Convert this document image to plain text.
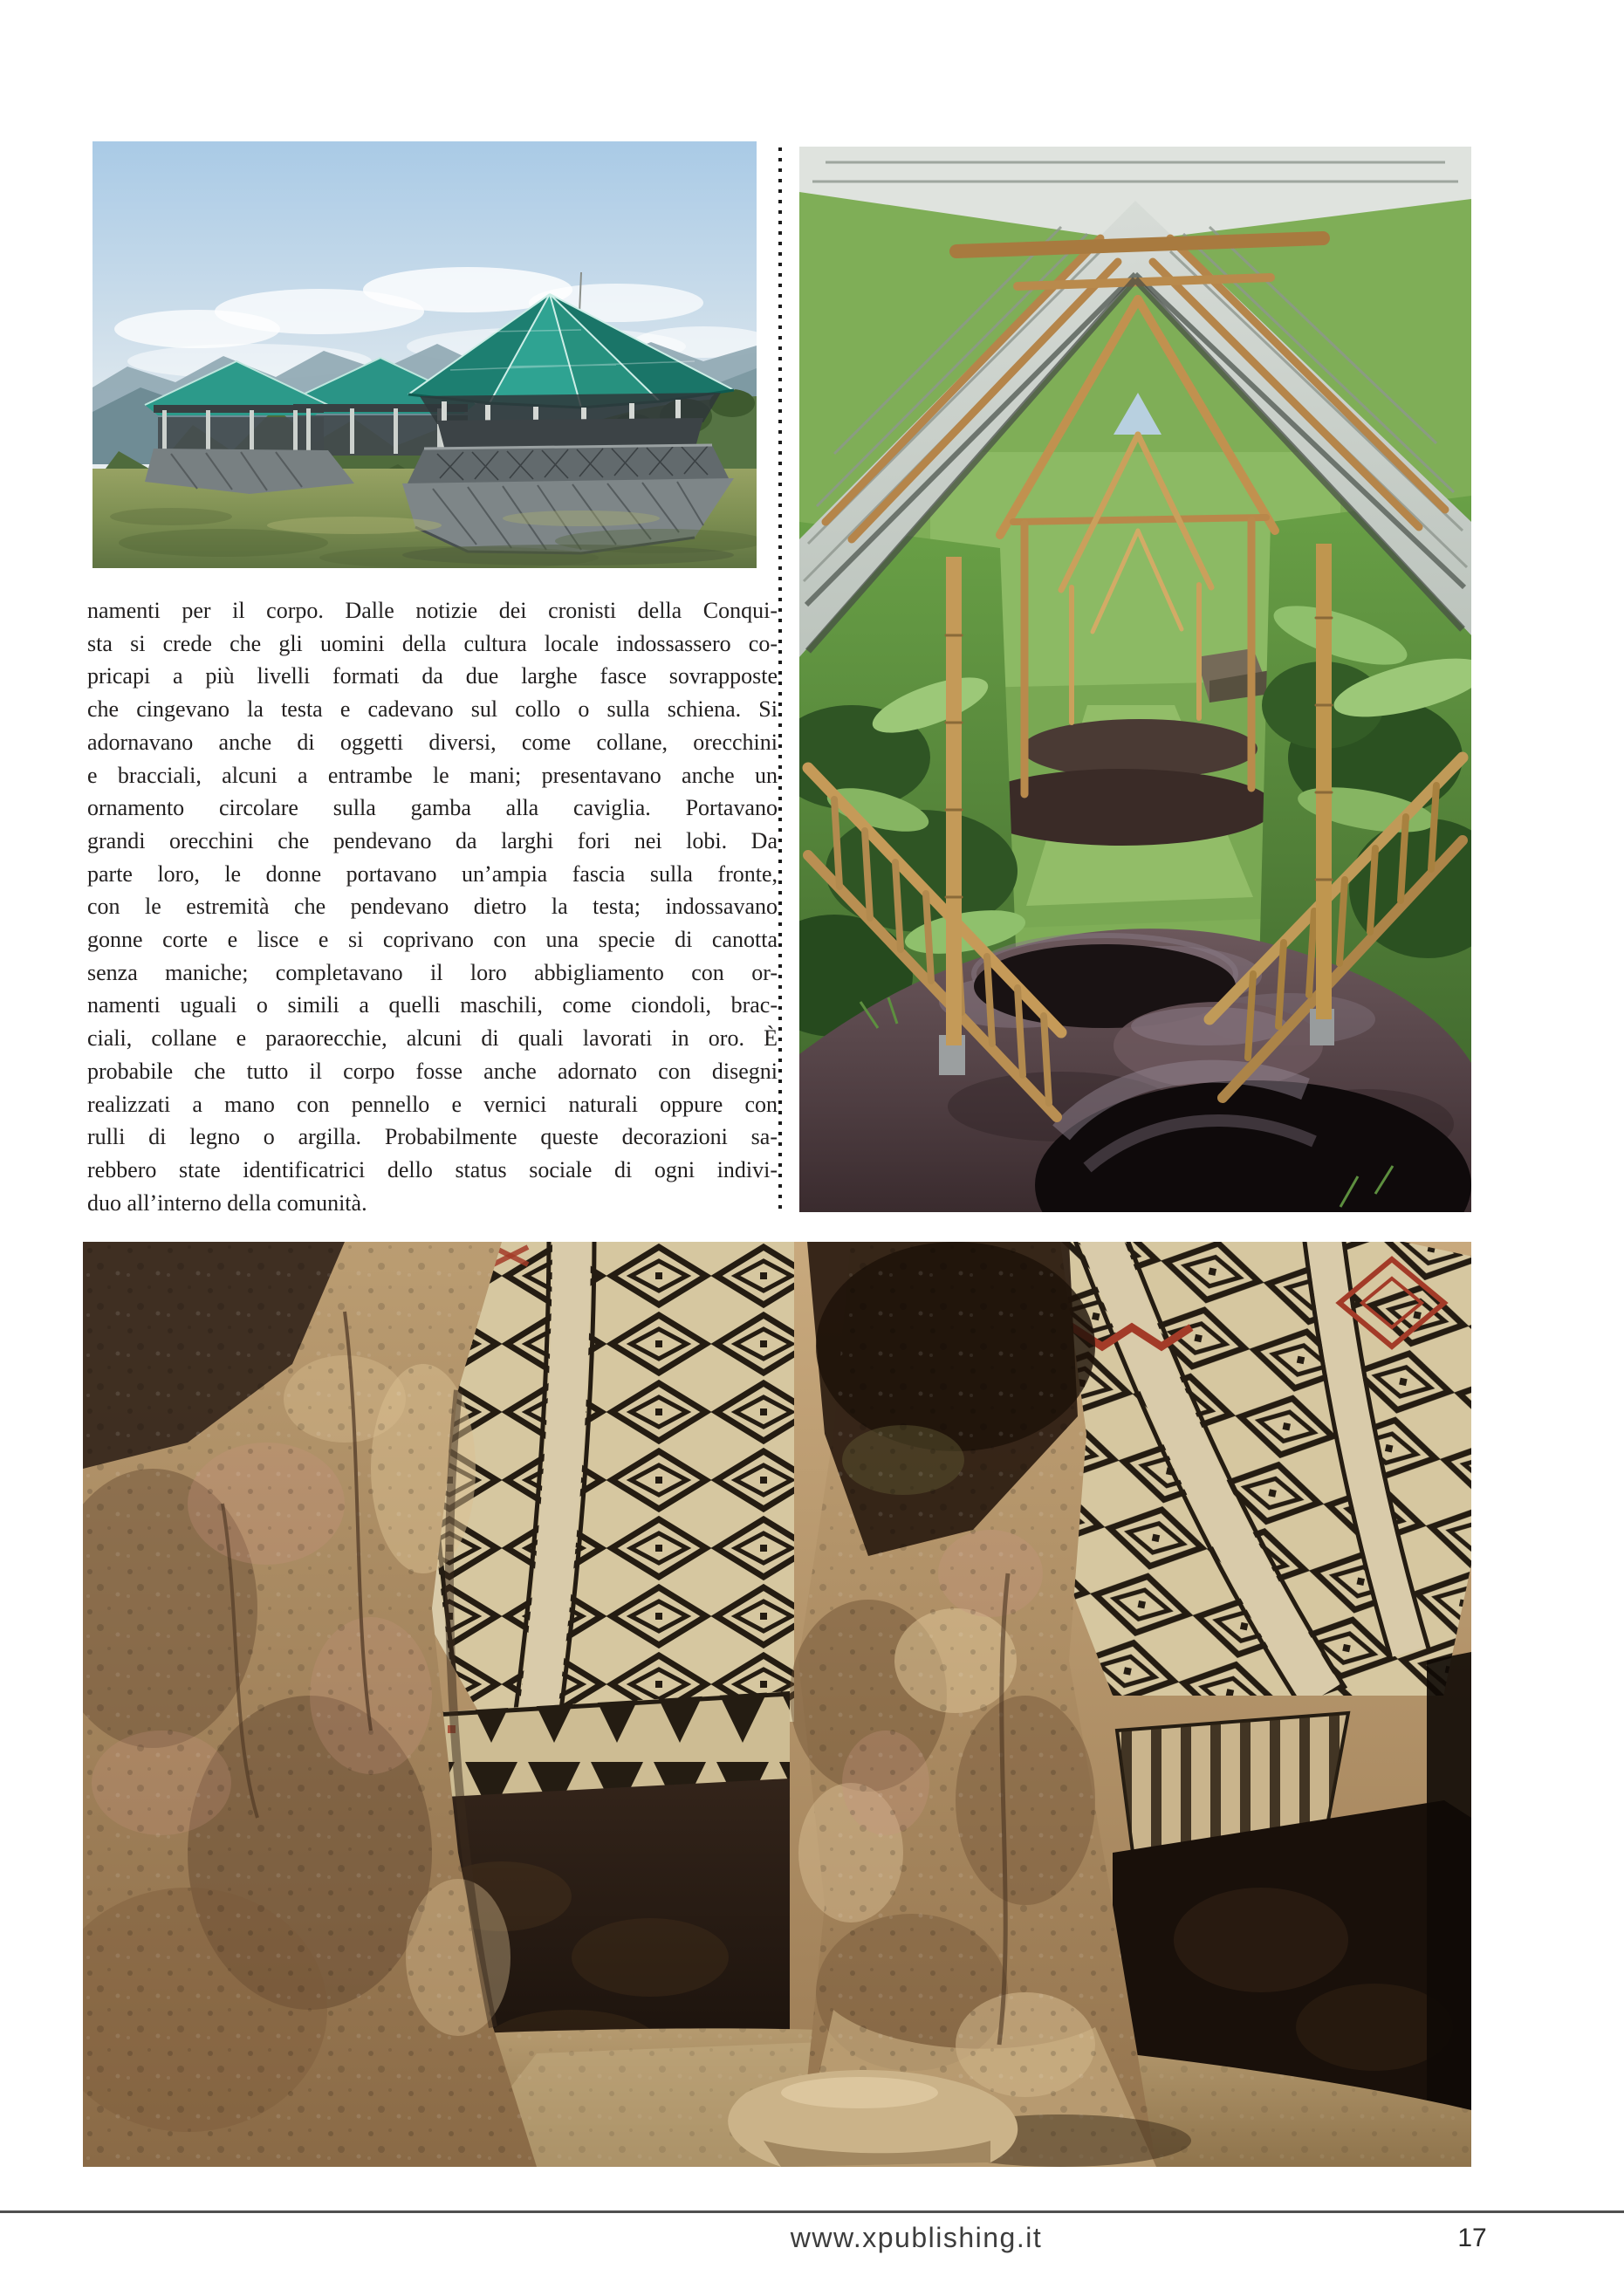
namenti per il corpo. Dalle notizie dei cronisti della Conqui-
sta si crede che gli uomini della cultura locale indossassero co-
pricapi a più livelli formati da due larghe fasce sovrapposte
che cingevano la testa e cadevano sul collo o sulla schiena. Si
adornavano anche di oggetti diversi, come collane, orecchini
e bracciali, alcuni a entrambe le mani; presentavano anche un
ornamento circolare sulla gamba alla caviglia. Portavano
grandi orecchini che pendevano da larghi fori nei lobi. Da
parte loro, le donne portavano un’ampia fascia sulla fronte,
con le estremità che pendevano dietro la testa; indossavano
gonne corte e lisce e si coprivano con una specie di canotta
senza maniche; completavano il loro abbigliamento con or-
namenti uguali o simili a quelli maschili, come ciondoli, brac-
ciali, collane e paraorecchie, alcuni di quali lavorati in oro. È
probabile che tutto il corpo fosse anche adornato con disegni
realizzati a mano con pennello e vernici naturali oppure con
rulli di legno o argilla. Probabilmente queste decorazioni sa-
rebbero state identificatrici dello status sociale di ogni indivi-
duo all’interno della comunità.
www.xpublishing.it	17
